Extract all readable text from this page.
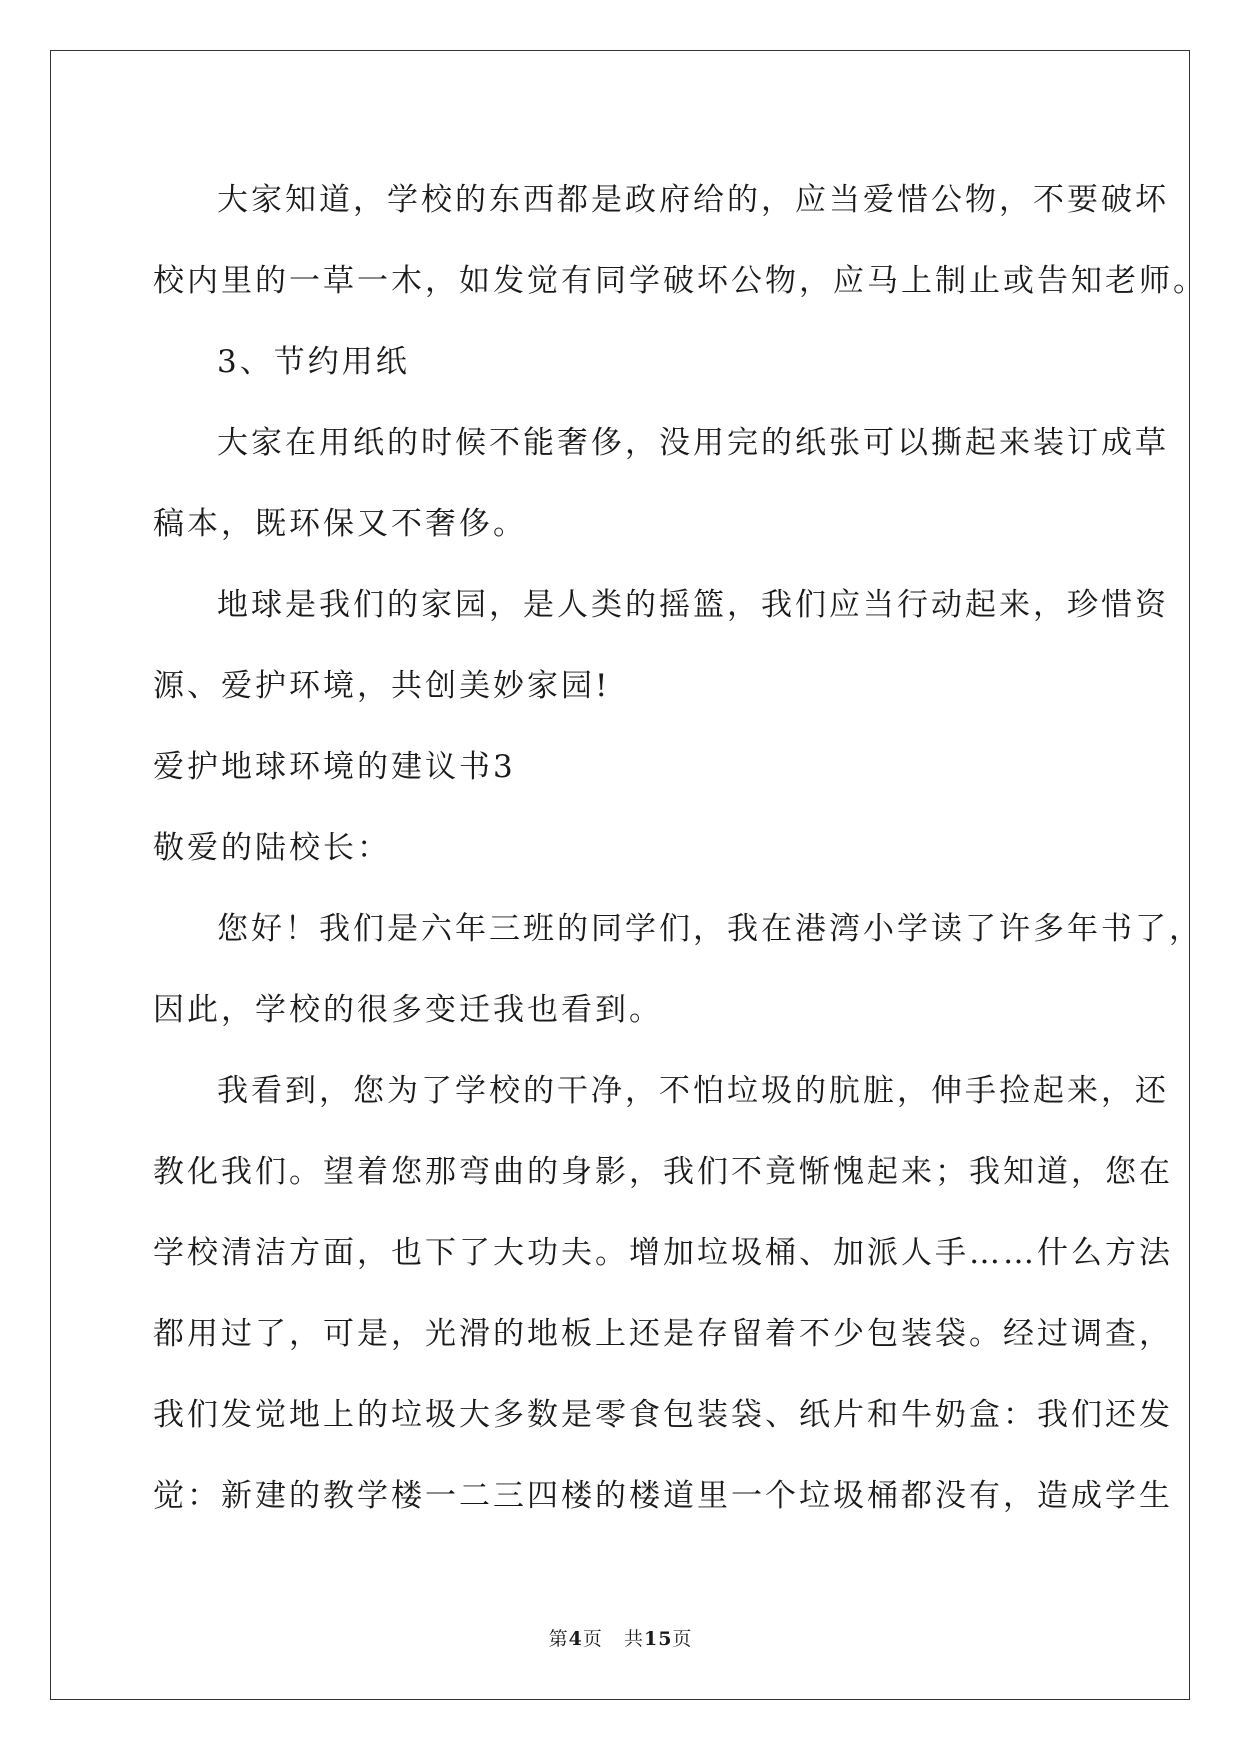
大家知道，学校的东西都是政府给的，应当爱惜公物，不要破坏
校内里的一草一木，如发觉有同学破坏公物，应马上制止或告知老师。
3、节约用纸
大家在用纸的时候不能奢侈，没用完的纸张可以撕起来装订成草
稿本，既环保又不奢侈。
地球是我们的家园，是人类的摇篮，我们应当行动起来，珍惜资
源、爱护环境，共创美妙家园!
爱护地球环境的建议书3
敬爱的陆校长：
您好！我们是六年三班的同学们，我在港湾小学读了许多年书了，
因此，学校的很多变迁我也看到。
我看到，您为了学校的干净，不怕垃圾的肮脏，伸手捡起来，还
教化我们。望着您那弯曲的身影，我们不竟惭愧起来；我知道，您在
学校清洁方面，也下了大功夫。增加垃圾桶、加派人手……什么方法
都用过了，可是，光滑的地板上还是存留着不少包装袋。经过调查，
我们发觉地上的垃圾大多数是零食包装袋、纸片和牛奶盒：我们还发
觉：新建的教学楼一二三四楼的楼道里一个垃圾桶都没有，造成学生
第4页 共15页
